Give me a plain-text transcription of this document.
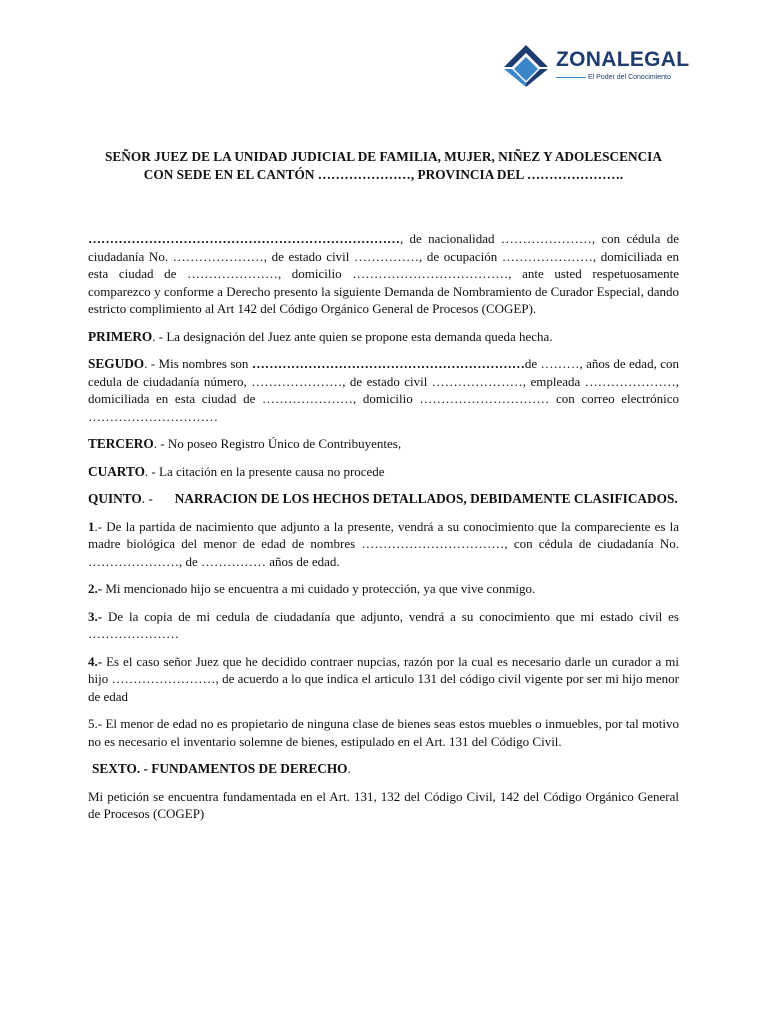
ZONALEGAL
El Poder del Conocimiento
SEÑOR JUEZ DE LA UNIDAD JUDICIAL DE FAMILIA, MUJER, NIÑEZ Y ADOLESCENCIA
CON SEDE EN EL CANTÓN …………………, PROVINCIA DEL ………………….

………………………………………………………………, de nacionalidad …………………, con cédula de ciudadanía No. …………………, de estado civil ……………, de ocupación …………………, domiciliada en esta ciudad de …………………, domicilio ………………………………, ante usted respetuosamente comparezco y conforme a Derecho presento la siguiente Demanda de Nombramiento de Curador Especial, dando estricto complimiento al Art 142 del Código Orgánico General de Procesos (COGEP).

PRIMERO. - La designación del Juez ante quien se propone esta demanda queda hecha.

SEGUDO. - Mis nombres son ………………………………………………………de ………, años de edad, con cedula de ciudadanía número, …………………, de estado civil …………………, empleada …………………, domiciliada en esta ciudad de …………………, domicilio ………………………… con correo electrónico …………………………

TERCERO. - No poseo Registro Único de Contribuyentes,

CUARTO. - La citación en la presente causa no procede

QUINTO. - NARRACION DE LOS HECHOS DETALLADOS, DEBIDAMENTE CLASIFICADOS.

1.- De la partida de nacimiento que adjunto a la presente, vendrá a su conocimiento que la compareciente es la madre biológica del menor de edad de nombres ……………………………, con cédula de ciudadanía No. …………………, de …………… años de edad.

2.- Mi mencionado hijo se encuentra a mi cuidado y protección, ya que vive conmigo.

3.- De la copia de mi cedula de ciudadanía que adjunto, vendrá a su conocimiento que mi estado civil es …………………

4.- Es el caso señor Juez que he decidido contraer nupcias, razón por la cual es necesario darle un curador a mi hijo ……………………, de acuerdo a lo que indica el articulo 131 del código civil vigente por ser mi hijo menor de edad

5.- El menor de edad no es propietario de ninguna clase de bienes seas estos muebles o inmuebles, por tal motivo no es necesario el inventario solemne de bienes, estipulado en el Art. 131 del Código Civil.

SEXTO. - FUNDAMENTOS DE DERECHO.

Mi petición se encuentra fundamentada en el Art. 131, 132 del Código Civil, 142 del Código Orgánico General de Procesos (COGEP)
